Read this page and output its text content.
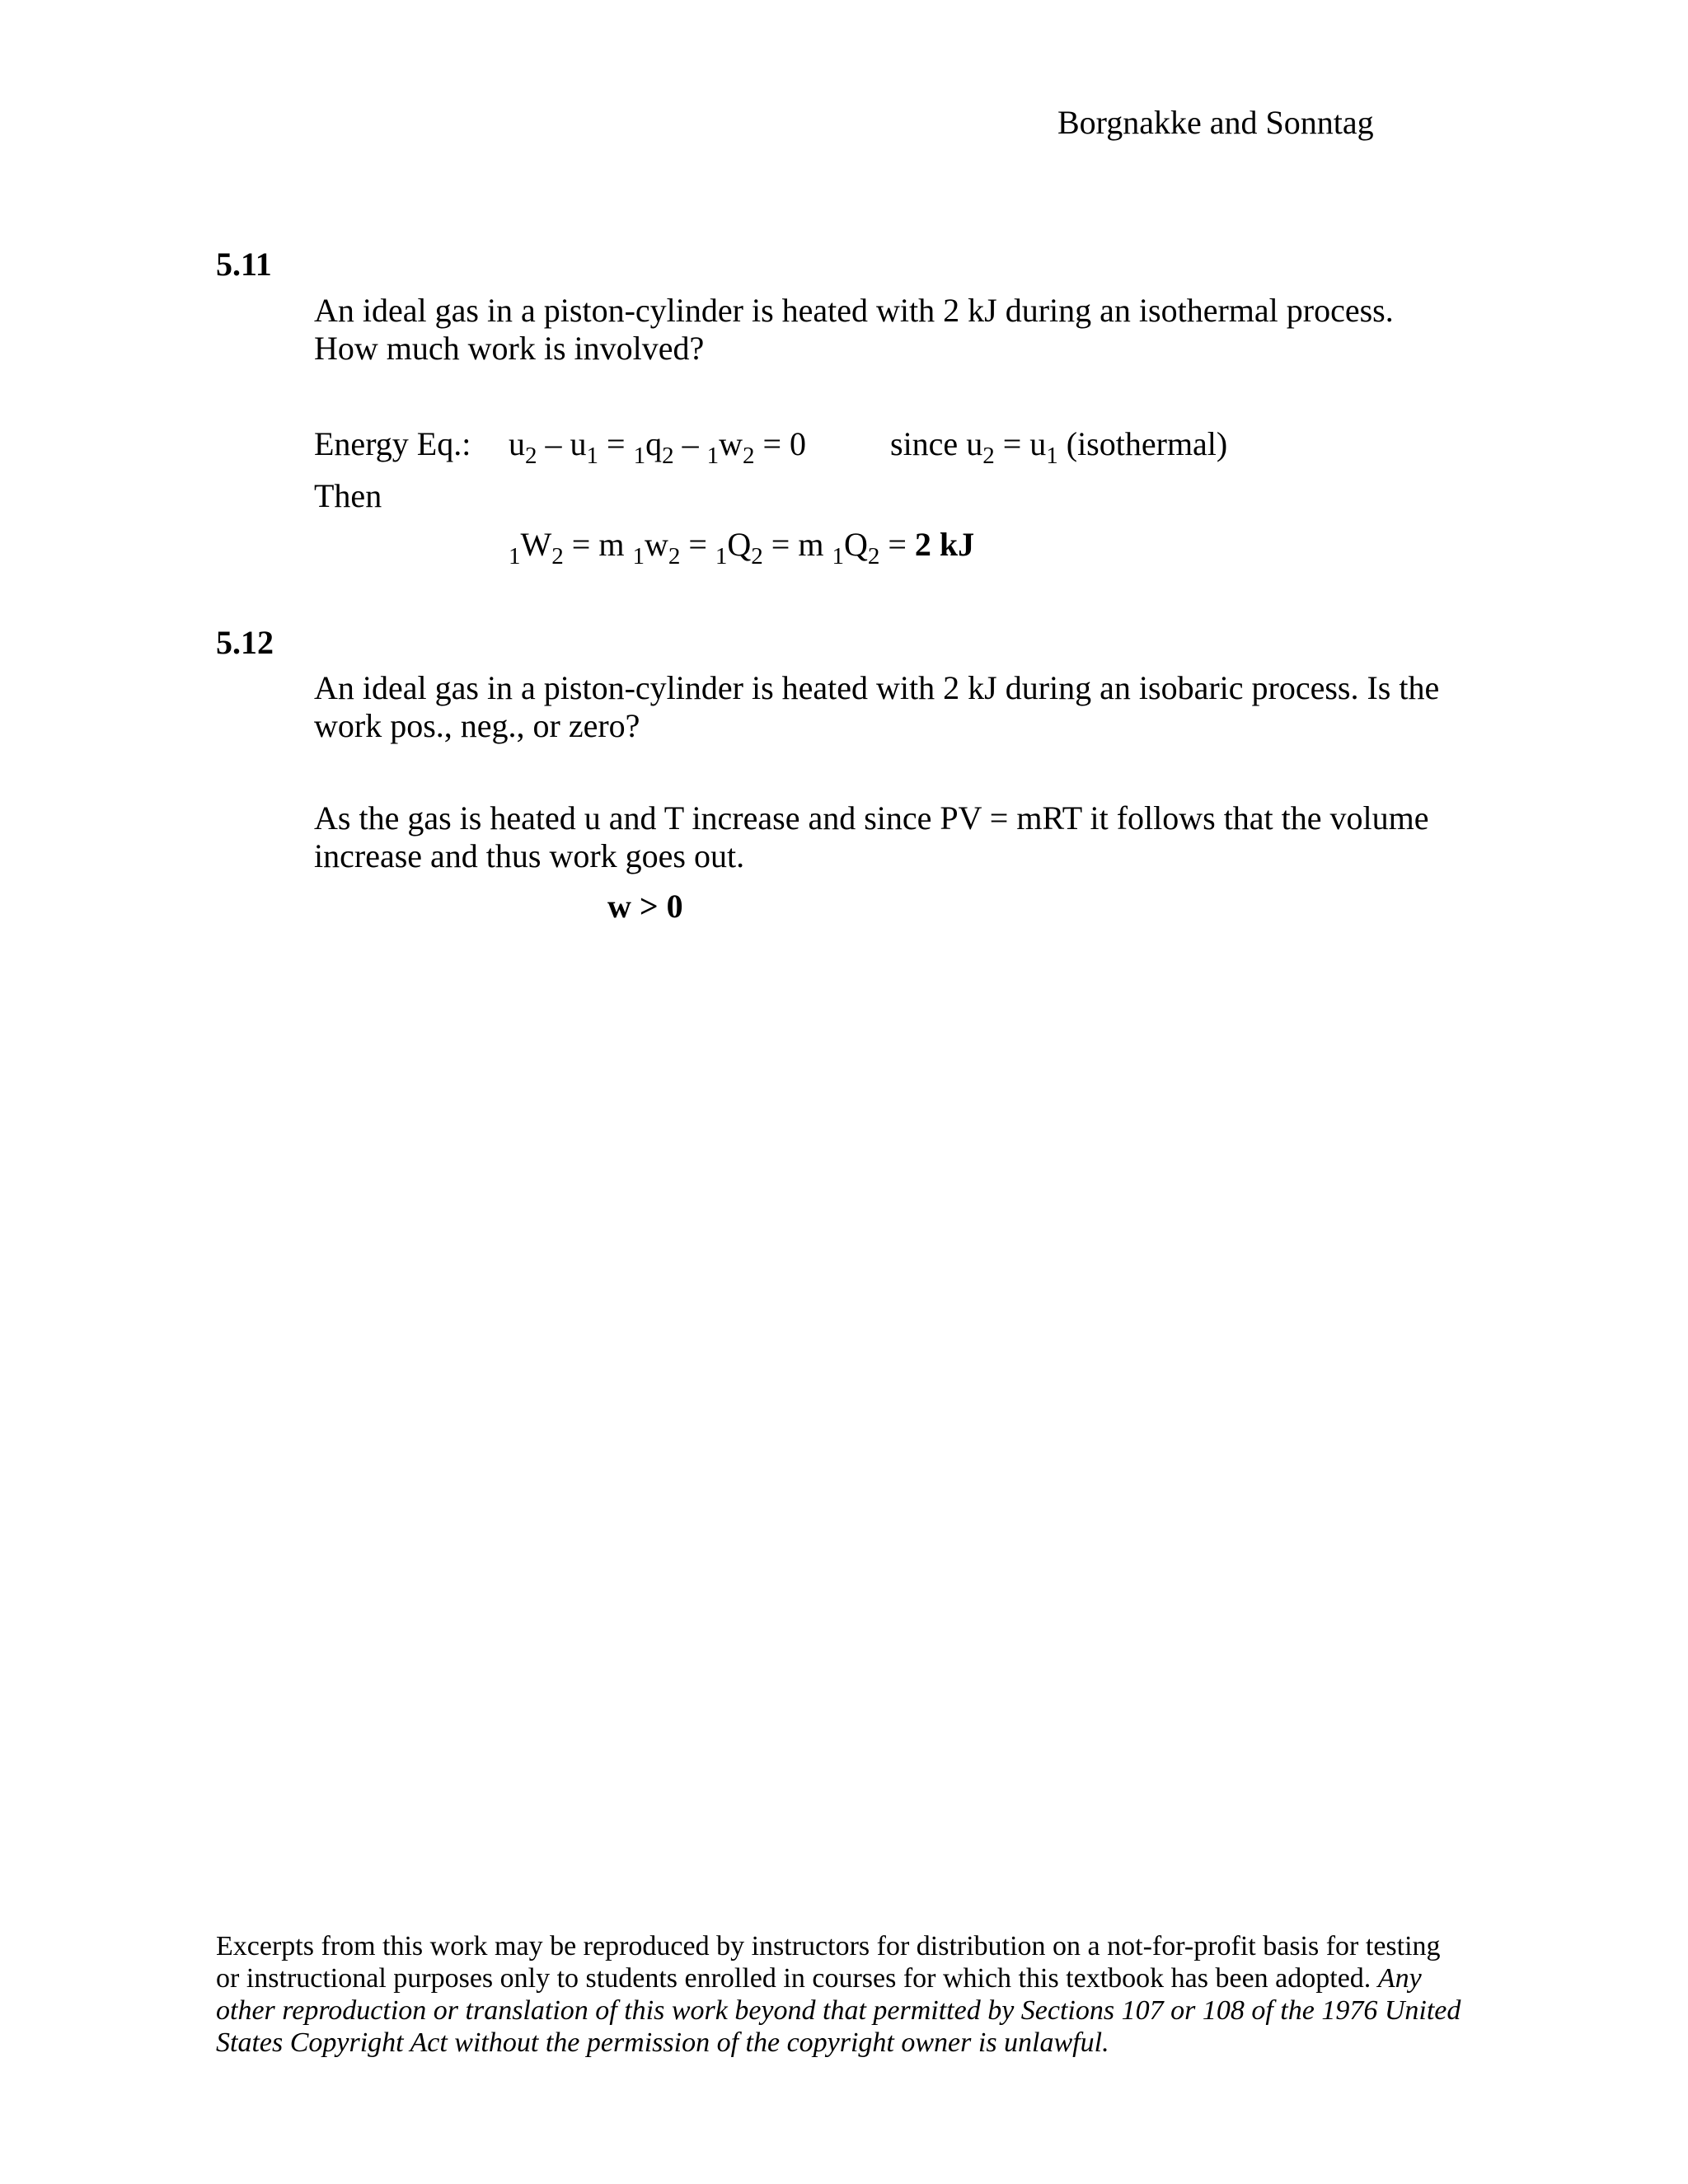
Borgnakke and Sonntag
5.11
An ideal gas in a piston-cylinder is heated with 2 kJ during an isothermal process.
How much work is involved?
Energy Eq.: $u_2 - u_1 = _1q_2 - _1w_2 = 0$	since $u_2 = u_1$ (isothermal)
Then
$_1W_2 = m$ $_1w_2 = _1Q_2 = m$ $_1Q_2 = 2$ kJ
5.12
An ideal gas in a piston-cylinder is heated with 2 kJ during an isobaric process. Is the
work pos., neg., or zero?
As the gas is heated u and T increase and since PV = mRT it follows that the volume
increase and thus work goes out.
w > 0
Excerpts from this work may be reproduced by instructors for distribution on a not-for-profit basis for testing or instructional purposes only to students enrolled in courses for which this textbook has been adopted. Any other reproduction or translation of this work beyond that permitted by Sections 107 or 108 of the 1976 United States Copyright Act without the permission of the copyright owner is unlawful.
